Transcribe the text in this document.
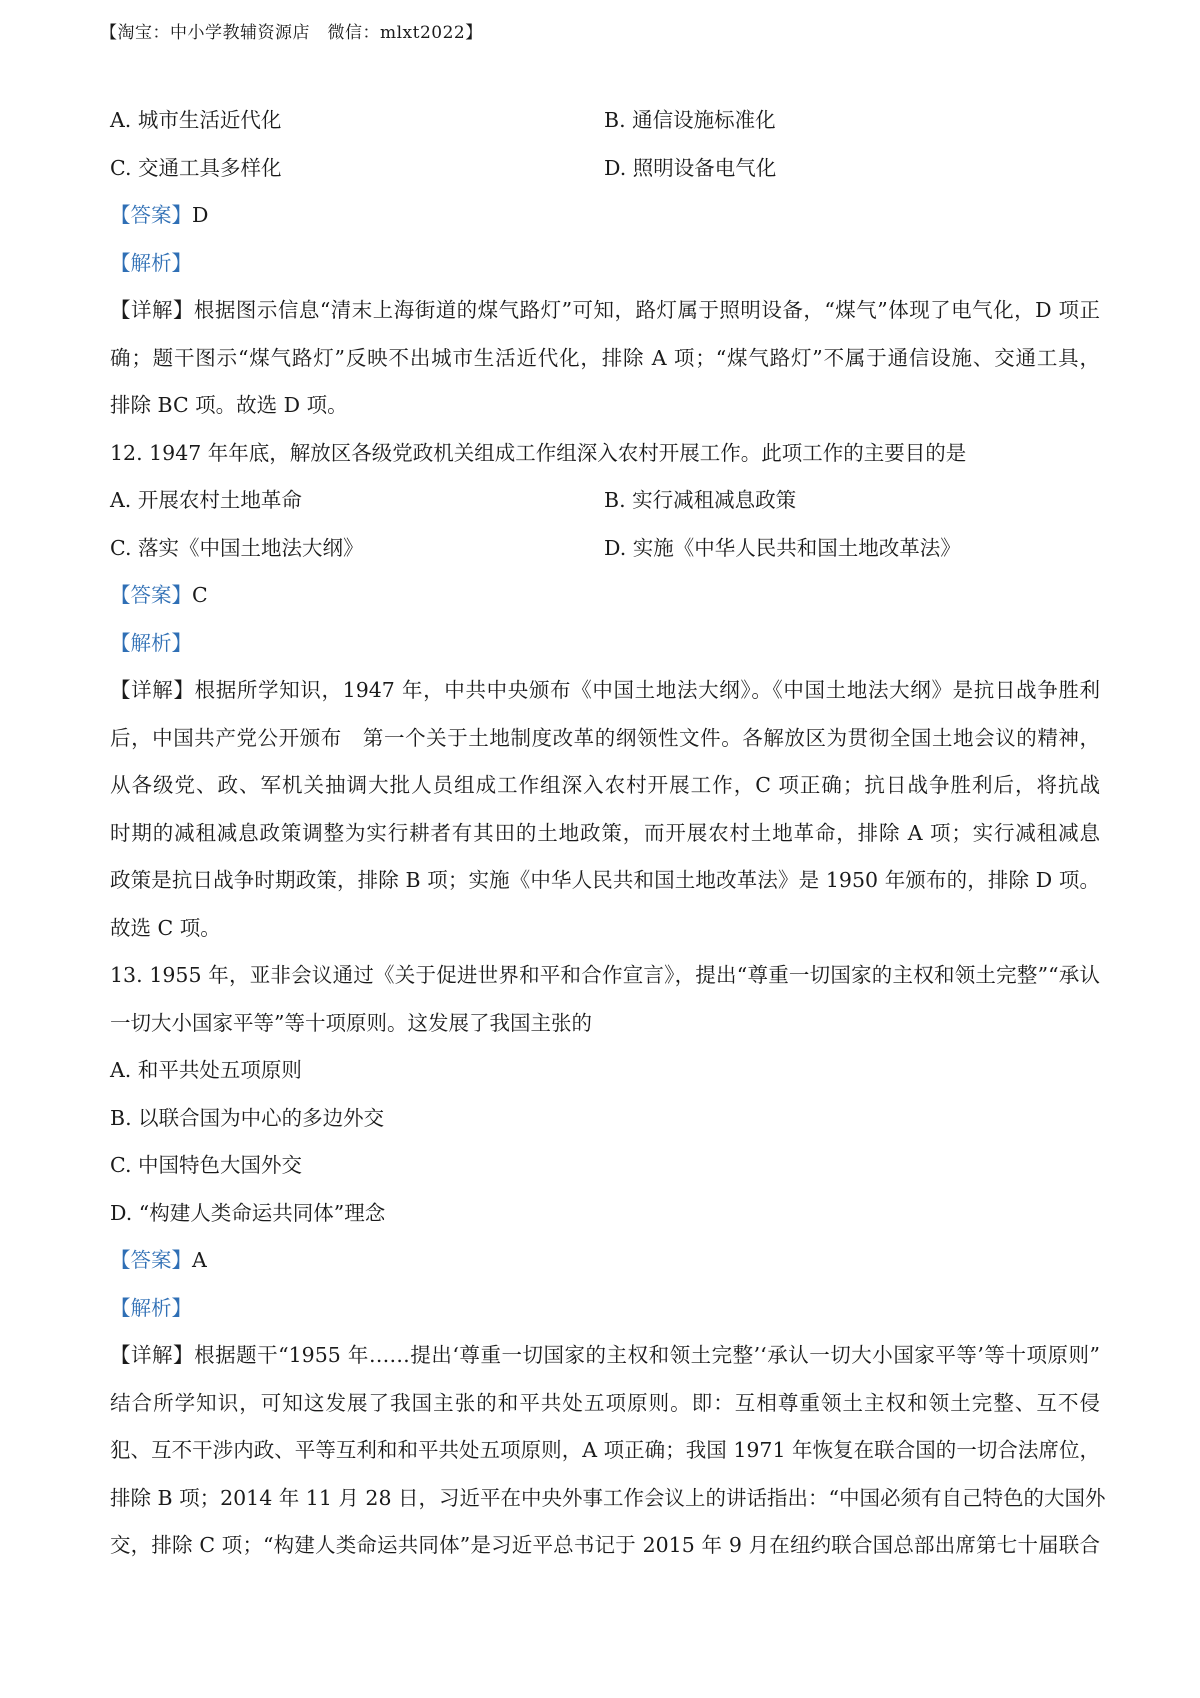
【淘宝：中小学教辅资源店　微信：mlxt2022】
A. 城市生活近代化	B. 通信设施标准化
C. 交通工具多样化	D. 照明设备电气化
【答案】D
【解析】
【详解】根据图示信息“清末上海街道的煤气路灯”可知，路灯属于照明设备，“煤气”体现了电气化，D 项正
确；题干图示“煤气路灯”反映不出城市生活近代化，排除 A 项；“煤气路灯”不属于通信设施、交通工具，
排除 BC 项。故选 D 项。
12. 1947 年年底，解放区各级党政机关组成工作组深入农村开展工作。此项工作的主要目的是
A. 开展农村土地革命	B. 实行减租减息政策
C. 落实《中国土地法大纲》	D. 实施《中华人民共和国土地改革法》
【答案】C
【解析】
【详解】根据所学知识，1947 年，中共中央颁布《中国土地法大纲》。《中国土地法大纲》是抗日战争胜利
后，中国共产党公开颁布　第一个关于土地制度改革的纲领性文件。各解放区为贯彻全国土地会议的精神，
从各级党、政、军机关抽调大批人员组成工作组深入农村开展工作，C 项正确；抗日战争胜利后，将抗战
时期的减租减息政策调整为实行耕者有其田的土地政策，而开展农村土地革命，排除 A 项；实行减租减息
政策是抗日战争时期政策，排除 B 项；实施《中华人民共和国土地改革法》是 1950 年颁布的，排除 D 项。
故选 C 项。
13. 1955 年，亚非会议通过《关于促进世界和平和合作宣言》，提出“尊重一切国家的主权和领土完整”“承认
一切大小国家平等”等十项原则。这发展了我国主张的
A. 和平共处五项原则
B. 以联合国为中心的多边外交
C. 中国特色大国外交
D. “构建人类命运共同体”理念
【答案】A
【解析】
【详解】根据题干“1955 年……提出‘尊重一切国家的主权和领土完整’‘承认一切大小国家平等’等十项原则”
结合所学知识，可知这发展了我国主张的和平共处五项原则。即：互相尊重领土主权和领土完整、互不侵
犯、互不干涉内政、平等互利和和平共处五项原则，A 项正确；我国 1971 年恢复在联合国的一切合法席位，
排除 B 项；2014 年 11 月 28 日，习近平在中央外事工作会议上的讲话指出：“中国必须有自己特色的大国外
交，排除 C 项；“构建人类命运共同体”是习近平总书记于 2015 年 9 月在纽约联合国总部出席第七十届联合
